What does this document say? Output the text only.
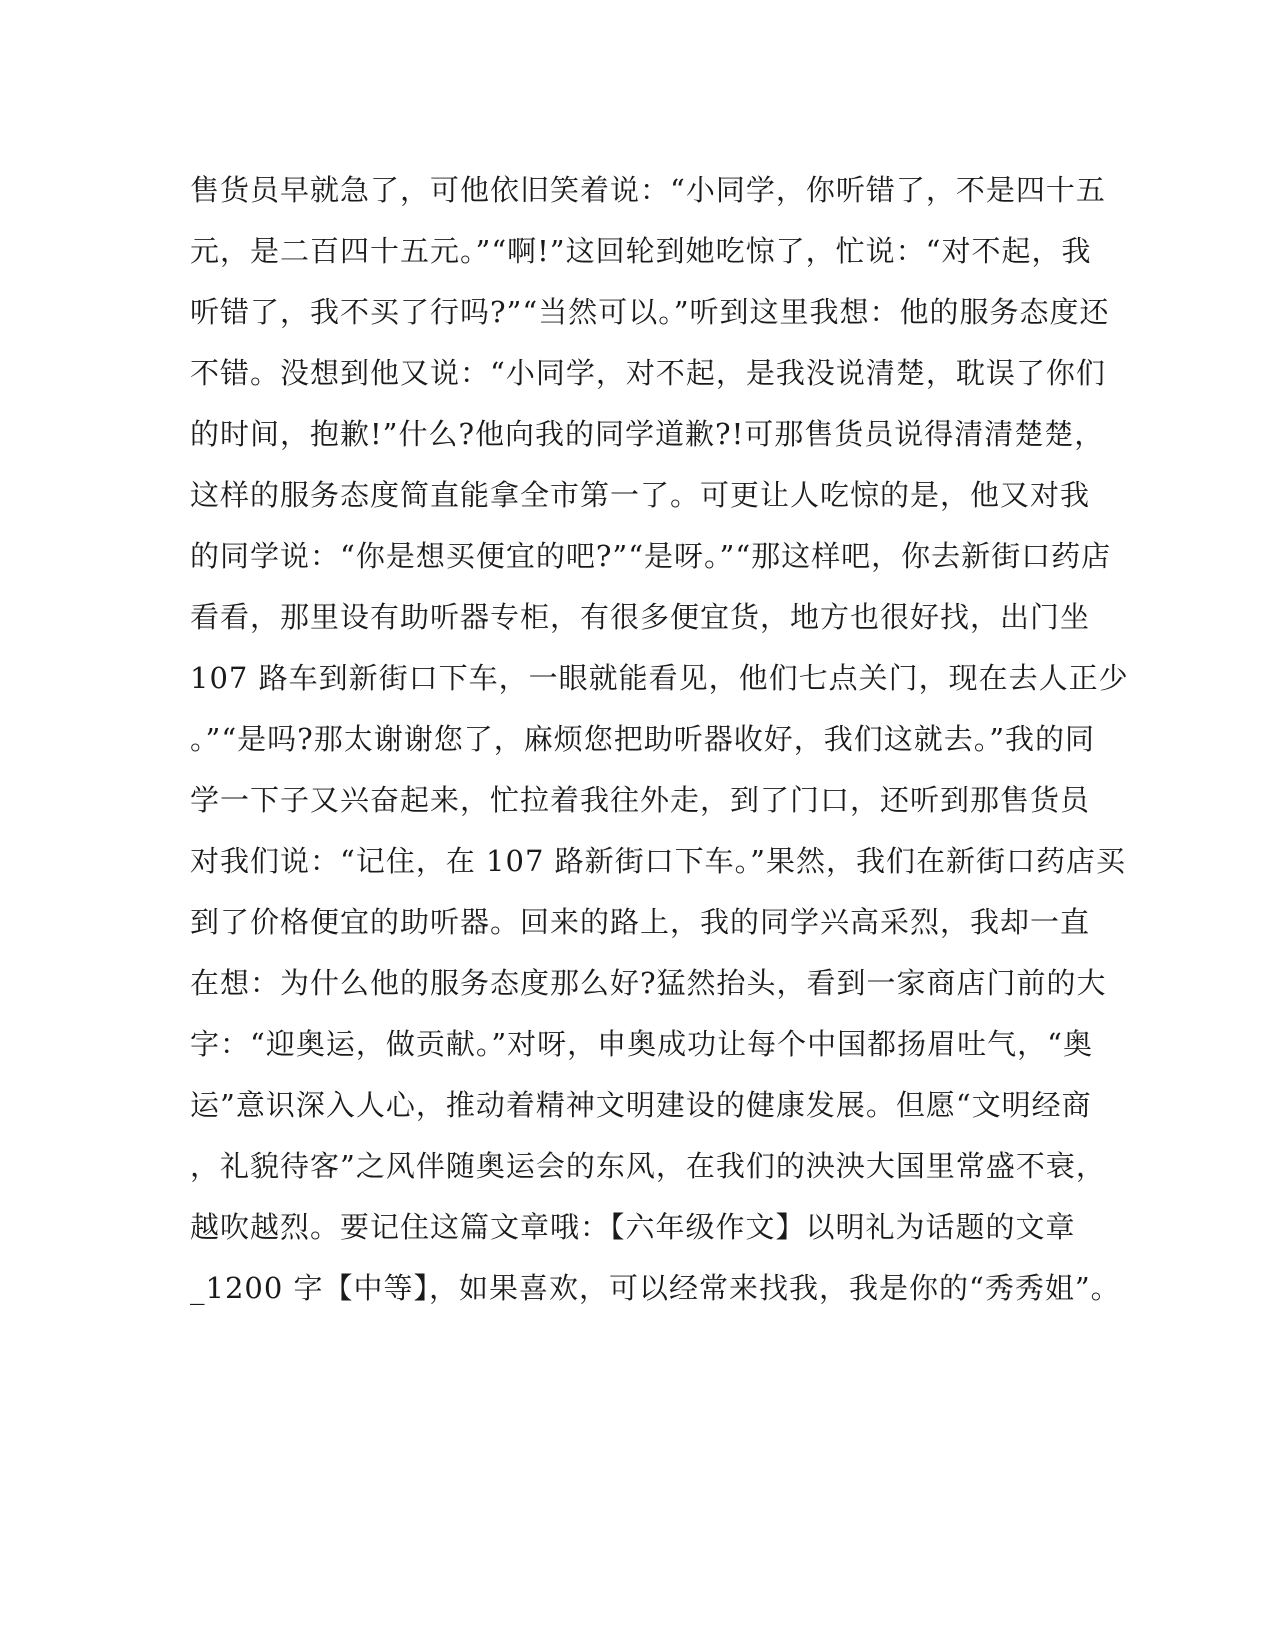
售货员早就急了，可他依旧笑着说：“小同学，你听错了，不是四十五
元，是二百四十五元。”“啊!”这回轮到她吃惊了，忙说：“对不起，我
听错了，我不买了行吗?”“当然可以。”听到这里我想：他的服务态度还
不错。没想到他又说：“小同学，对不起，是我没说清楚，耽误了你们
的时间，抱歉!”什么?他向我的同学道歉?!可那售货员说得清清楚楚，
这样的服务态度简直能拿全市第一了。可更让人吃惊的是，他又对我
的同学说：“你是想买便宜的吧?”“是呀。”“那这样吧，你去新街口药店
看看，那里设有助听器专柜，有很多便宜货，地方也很好找，出门坐
107 路车到新街口下车，一眼就能看见，他们七点关门，现在去人正少
。”“是吗?那太谢谢您了，麻烦您把助听器收好，我们这就去。”我的同
学一下子又兴奋起来，忙拉着我往外走，到了门口，还听到那售货员
对我们说：“记住，在 107 路新街口下车。”果然，我们在新街口药店买
到了价格便宜的助听器。回来的路上，我的同学兴高采烈，我却一直
在想：为什么他的服务态度那么好?猛然抬头，看到一家商店门前的大
字：“迎奥运，做贡献。”对呀，申奥成功让每个中国都扬眉吐气，“奥
运”意识深入人心，推动着精神文明建设的健康发展。但愿“文明经商
，礼貌待客”之风伴随奥运会的东风，在我们的泱泱大国里常盛不衰，
越吹越烈。要记住这篇文章哦：【六年级作文】以明礼为话题的文章
_1200 字【中等】，如果喜欢，可以经常来找我，我是你的“秀秀姐”。
